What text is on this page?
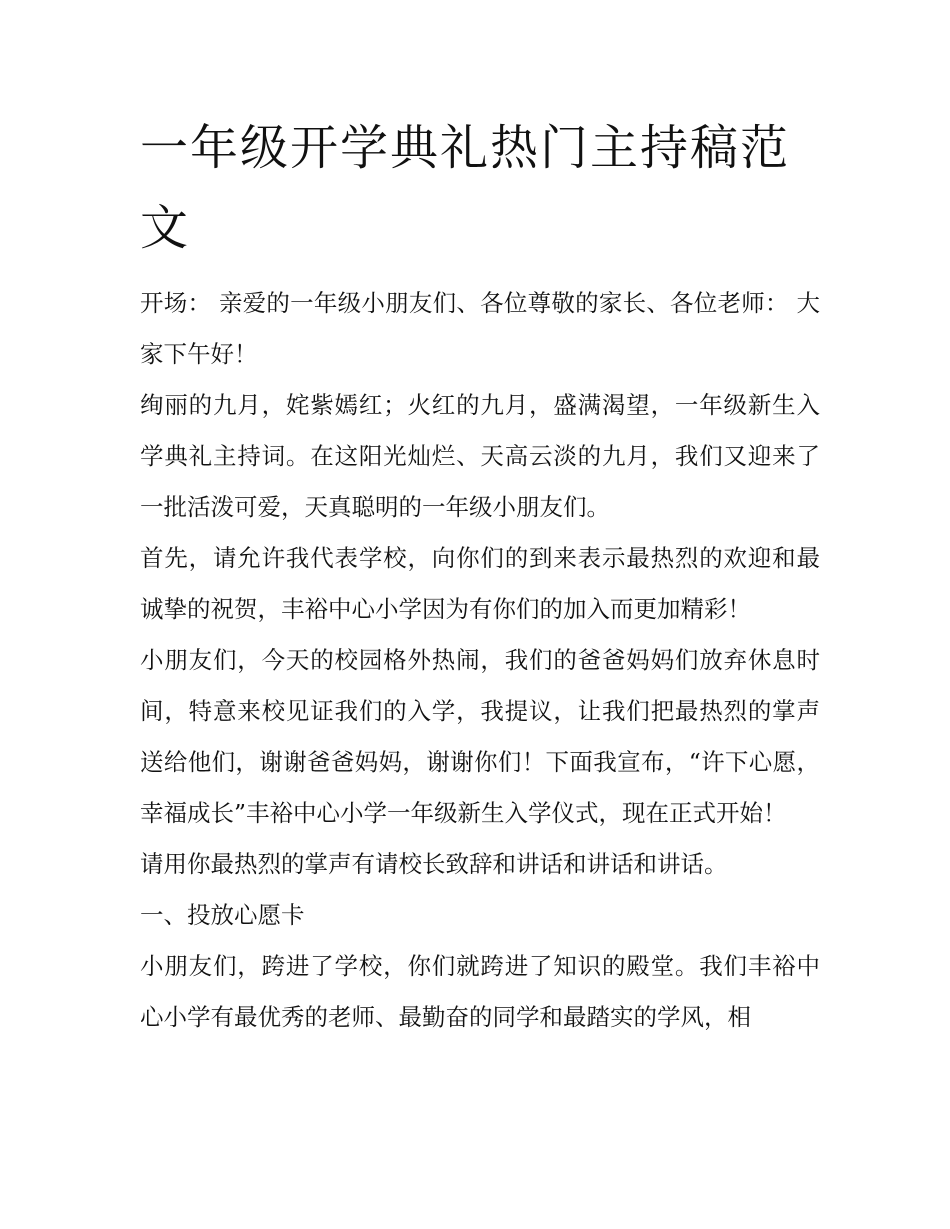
一年级开学典礼热门主持稿范文

开场： 亲爱的一年级小朋友们、各位尊敬的家长、各位老师： 大家下午好！

绚丽的九月，姹紫嫣红；火红的九月，盛满渴望，一年级新生入学典礼主持词。在这阳光灿烂、天高云淡的九月，我们又迎来了一批活泼可爱，天真聪明的一年级小朋友们。

首先，请允许我代表学校，向你们的到来表示最热烈的欢迎和最诚挚的祝贺，丰裕中心小学因为有你们的加入而更加精彩！

小朋友们，今天的校园格外热闹，我们的爸爸妈妈们放弃休息时间，特意来校见证我们的入学，我提议，让我们把最热烈的掌声送给他们，谢谢爸爸妈妈，谢谢你们！下面我宣布，“许下心愿，幸福成长”丰裕中心小学一年级新生入学仪式，现在正式开始！

请用你最热烈的掌声有请校长致辞和讲话和讲话和讲话。

一、投放心愿卡

小朋友们，跨进了学校，你们就跨进了知识的殿堂。我们丰裕中心小学有最优秀的老师、最勤奋的同学和最踏实的学风，相
